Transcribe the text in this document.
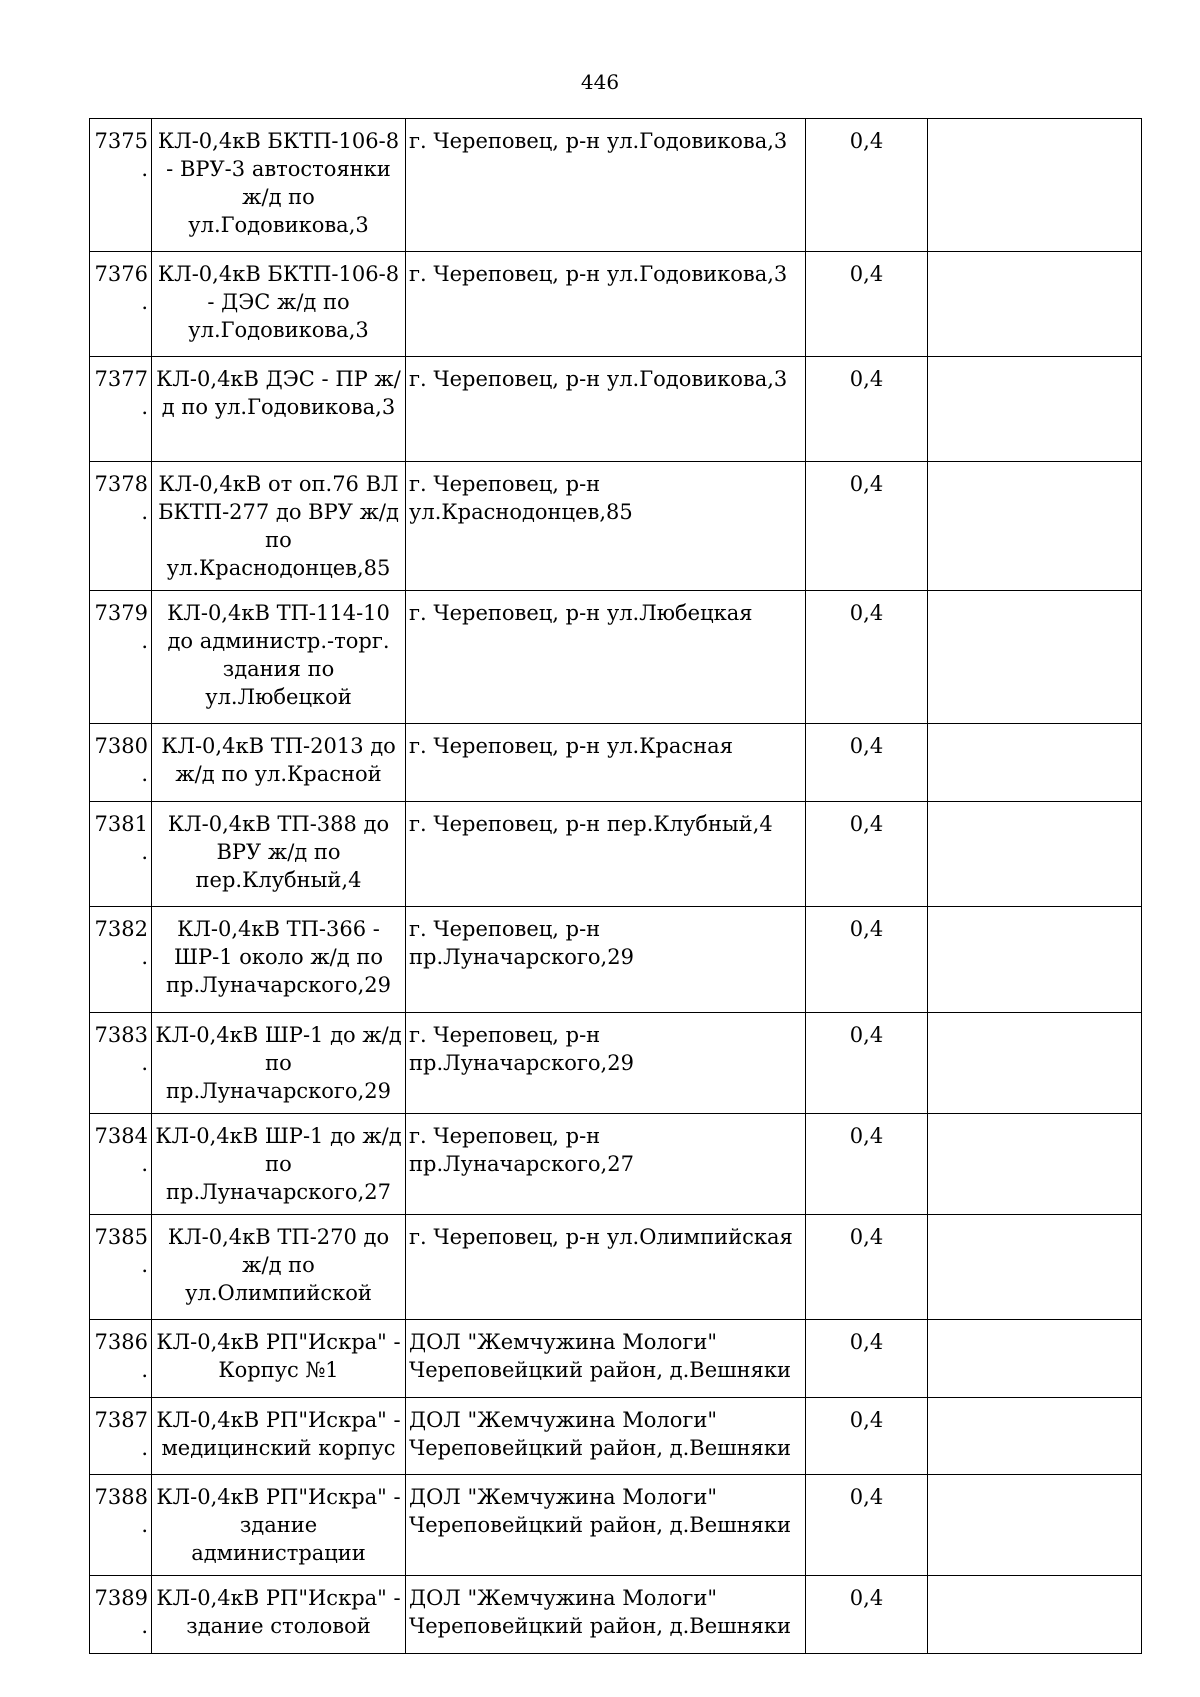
446
7375.	КЛ-0,4кВ БКТП-106-8 - ВРУ-3 автостоянки ж/д по ул.Годовикова,3	г. Череповец, р-н ул.Годовикова,3	0,4	
7376.	КЛ-0,4кВ БКТП-106-8 - ДЭС ж/д по ул.Годовикова,3	г. Череповец, р-н ул.Годовикова,3	0,4	
7377.	КЛ-0,4кВ ДЭС - ПР ж/д по ул.Годовикова,3	г. Череповец, р-н ул.Годовикова,3	0,4	
7378.	КЛ-0,4кВ от оп.76 ВЛ БКТП-277 до ВРУ ж/д по ул.Краснодонцев,85	г. Череповец, р-н ул.Краснодонцев,85	0,4	
7379.	КЛ-0,4кВ ТП-114-10 до администр.-торг. здания по ул.Любецкой	г. Череповец, р-н ул.Любецкая	0,4	
7380.	КЛ-0,4кВ ТП-2013 до ж/д по ул.Красной	г. Череповец, р-н ул.Красная	0,4	
7381.	КЛ-0,4кВ ТП-388 до ВРУ ж/д по пер.Клубный,4	г. Череповец, р-н пер.Клубный,4	0,4	
7382.	КЛ-0,4кВ ТП-366 - ШР-1 около ж/д по пр.Луначарского,29	г. Череповец, р-н пр.Луначарского,29	0,4	
7383.	КЛ-0,4кВ ШР-1 до ж/д по пр.Луначарского,29	г. Череповец, р-н пр.Луначарского,29	0,4	
7384.	КЛ-0,4кВ ШР-1 до ж/д по пр.Луначарского,27	г. Череповец, р-н пр.Луначарского,27	0,4	
7385.	КЛ-0,4кВ ТП-270 до ж/д по ул.Олимпийской	г. Череповец, р-н ул.Олимпийская	0,4	
7386.	КЛ-0,4кВ РП"Искра" - Корпус №1	ДОЛ "Жемчужина Мологи" Череповейцкий район, д.Вешняки	0,4	
7387.	КЛ-0,4кВ РП"Искра" - медицинский корпус	ДОЛ "Жемчужина Мологи" Череповейцкий район, д.Вешняки	0,4	
7388.	КЛ-0,4кВ РП"Искра" - здание администрации	ДОЛ "Жемчужина Мологи" Череповейцкий район, д.Вешняки	0,4	
7389.	КЛ-0,4кВ РП"Искра" - здание столовой	ДОЛ "Жемчужина Мологи" Череповейцкий район, д.Вешняки	0,4	
